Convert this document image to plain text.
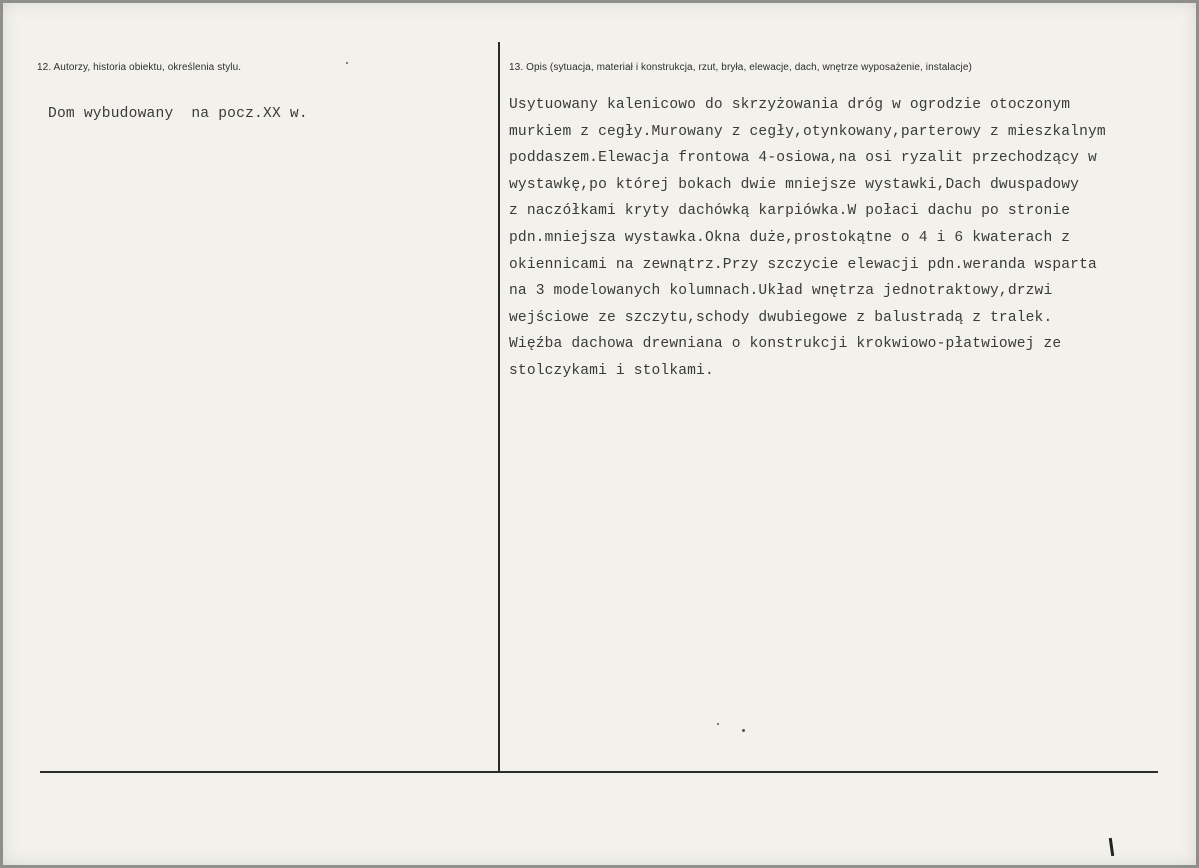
12. Autorzy, historia obiektu, określenia stylu.
Dom wybudowany  na pocz.XX w.
13. Opis (sytuacja, materiał i konstrukcja, rzut, bryła, elewacje, dach, wnętrze wyposażenie, instalacje)
Usytuowany kalenicowo do skrzyżowania dróg w ogrodzie otoczonym
murkiem z cegły.Murowany z cegły,otynkowany,parterowy z mieszkalnym
poddaszem.Elewacja frontowa 4-osiowa,na osi ryzalit przechodzący w
wystawkę,po której bokach dwie mniejsze wystawki,Dach dwuspadowy
z naczółkami kryty dachówką karpiówka.W połaci dachu po stronie
pdn.mniejsza wystawka.Okna duże,prostokątne o 4 i 6 kwaterach z
okiennicami na zewnątrz.Przy szczycie elewacji pdn.weranda wsparta
na 3 modelowanych kolumnach.Układ wnętrza jednotraktowy,drzwi
wejściowe ze szczytu,schody dwubiegowe z balustradą z tralek.
Więźba dachowa drewniana o konstrukcji krokwiowo-płatwiowej ze
stolczykami i stolkami.
